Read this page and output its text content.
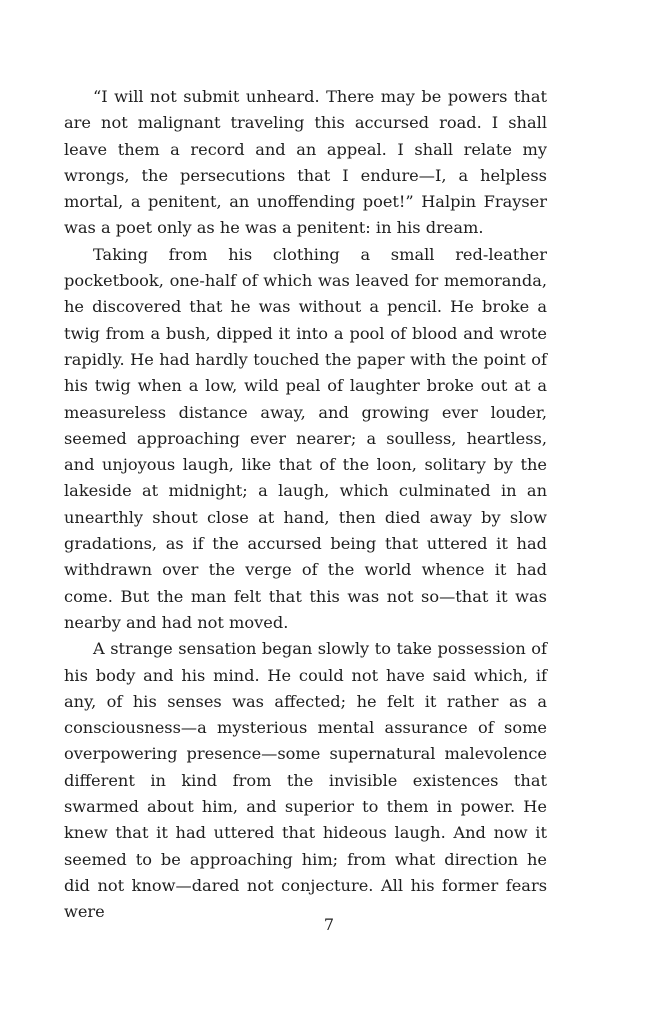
“I will not submit unheard. There may be powers that are not malignant traveling this accursed road. I shall leave them a record and an appeal. I shall relate my wrongs, the persecutions that I endure—I, a helpless mortal, a penitent, an unoffending poet!” Halpin Frayser was a poet only as he was a penitent: in his dream.

Taking from his clothing a small red-leather pocketbook, one-half of which was leaved for memoranda, he discovered that he was without a pencil. He broke a twig from a bush, dipped it into a pool of blood and wrote rapidly. He had hardly touched the paper with the point of his twig when a low, wild peal of laughter broke out at a measureless distance away, and growing ever louder, seemed approaching ever nearer; a soulless, heartless, and unjoyous laugh, like that of the loon, solitary by the lakeside at midnight; a laugh, which culminated in an unearthly shout close at hand, then died away by slow gradations, as if the accursed being that uttered it had withdrawn over the verge of the world whence it had come. But the man felt that this was not so—that it was nearby and had not moved.

A strange sensation began slowly to take possession of his body and his mind. He could not have said which, if any, of his senses was affected; he felt it rather as a consciousness—a mysterious mental assurance of some overpowering presence—some supernatural malevolence different in kind from the invisible existences that swarmed about him, and superior to them in power. He knew that it had uttered that hideous laugh. And now it seemed to be approaching him; from what direction he did not know—dared not conjecture. All his former fears were

7
